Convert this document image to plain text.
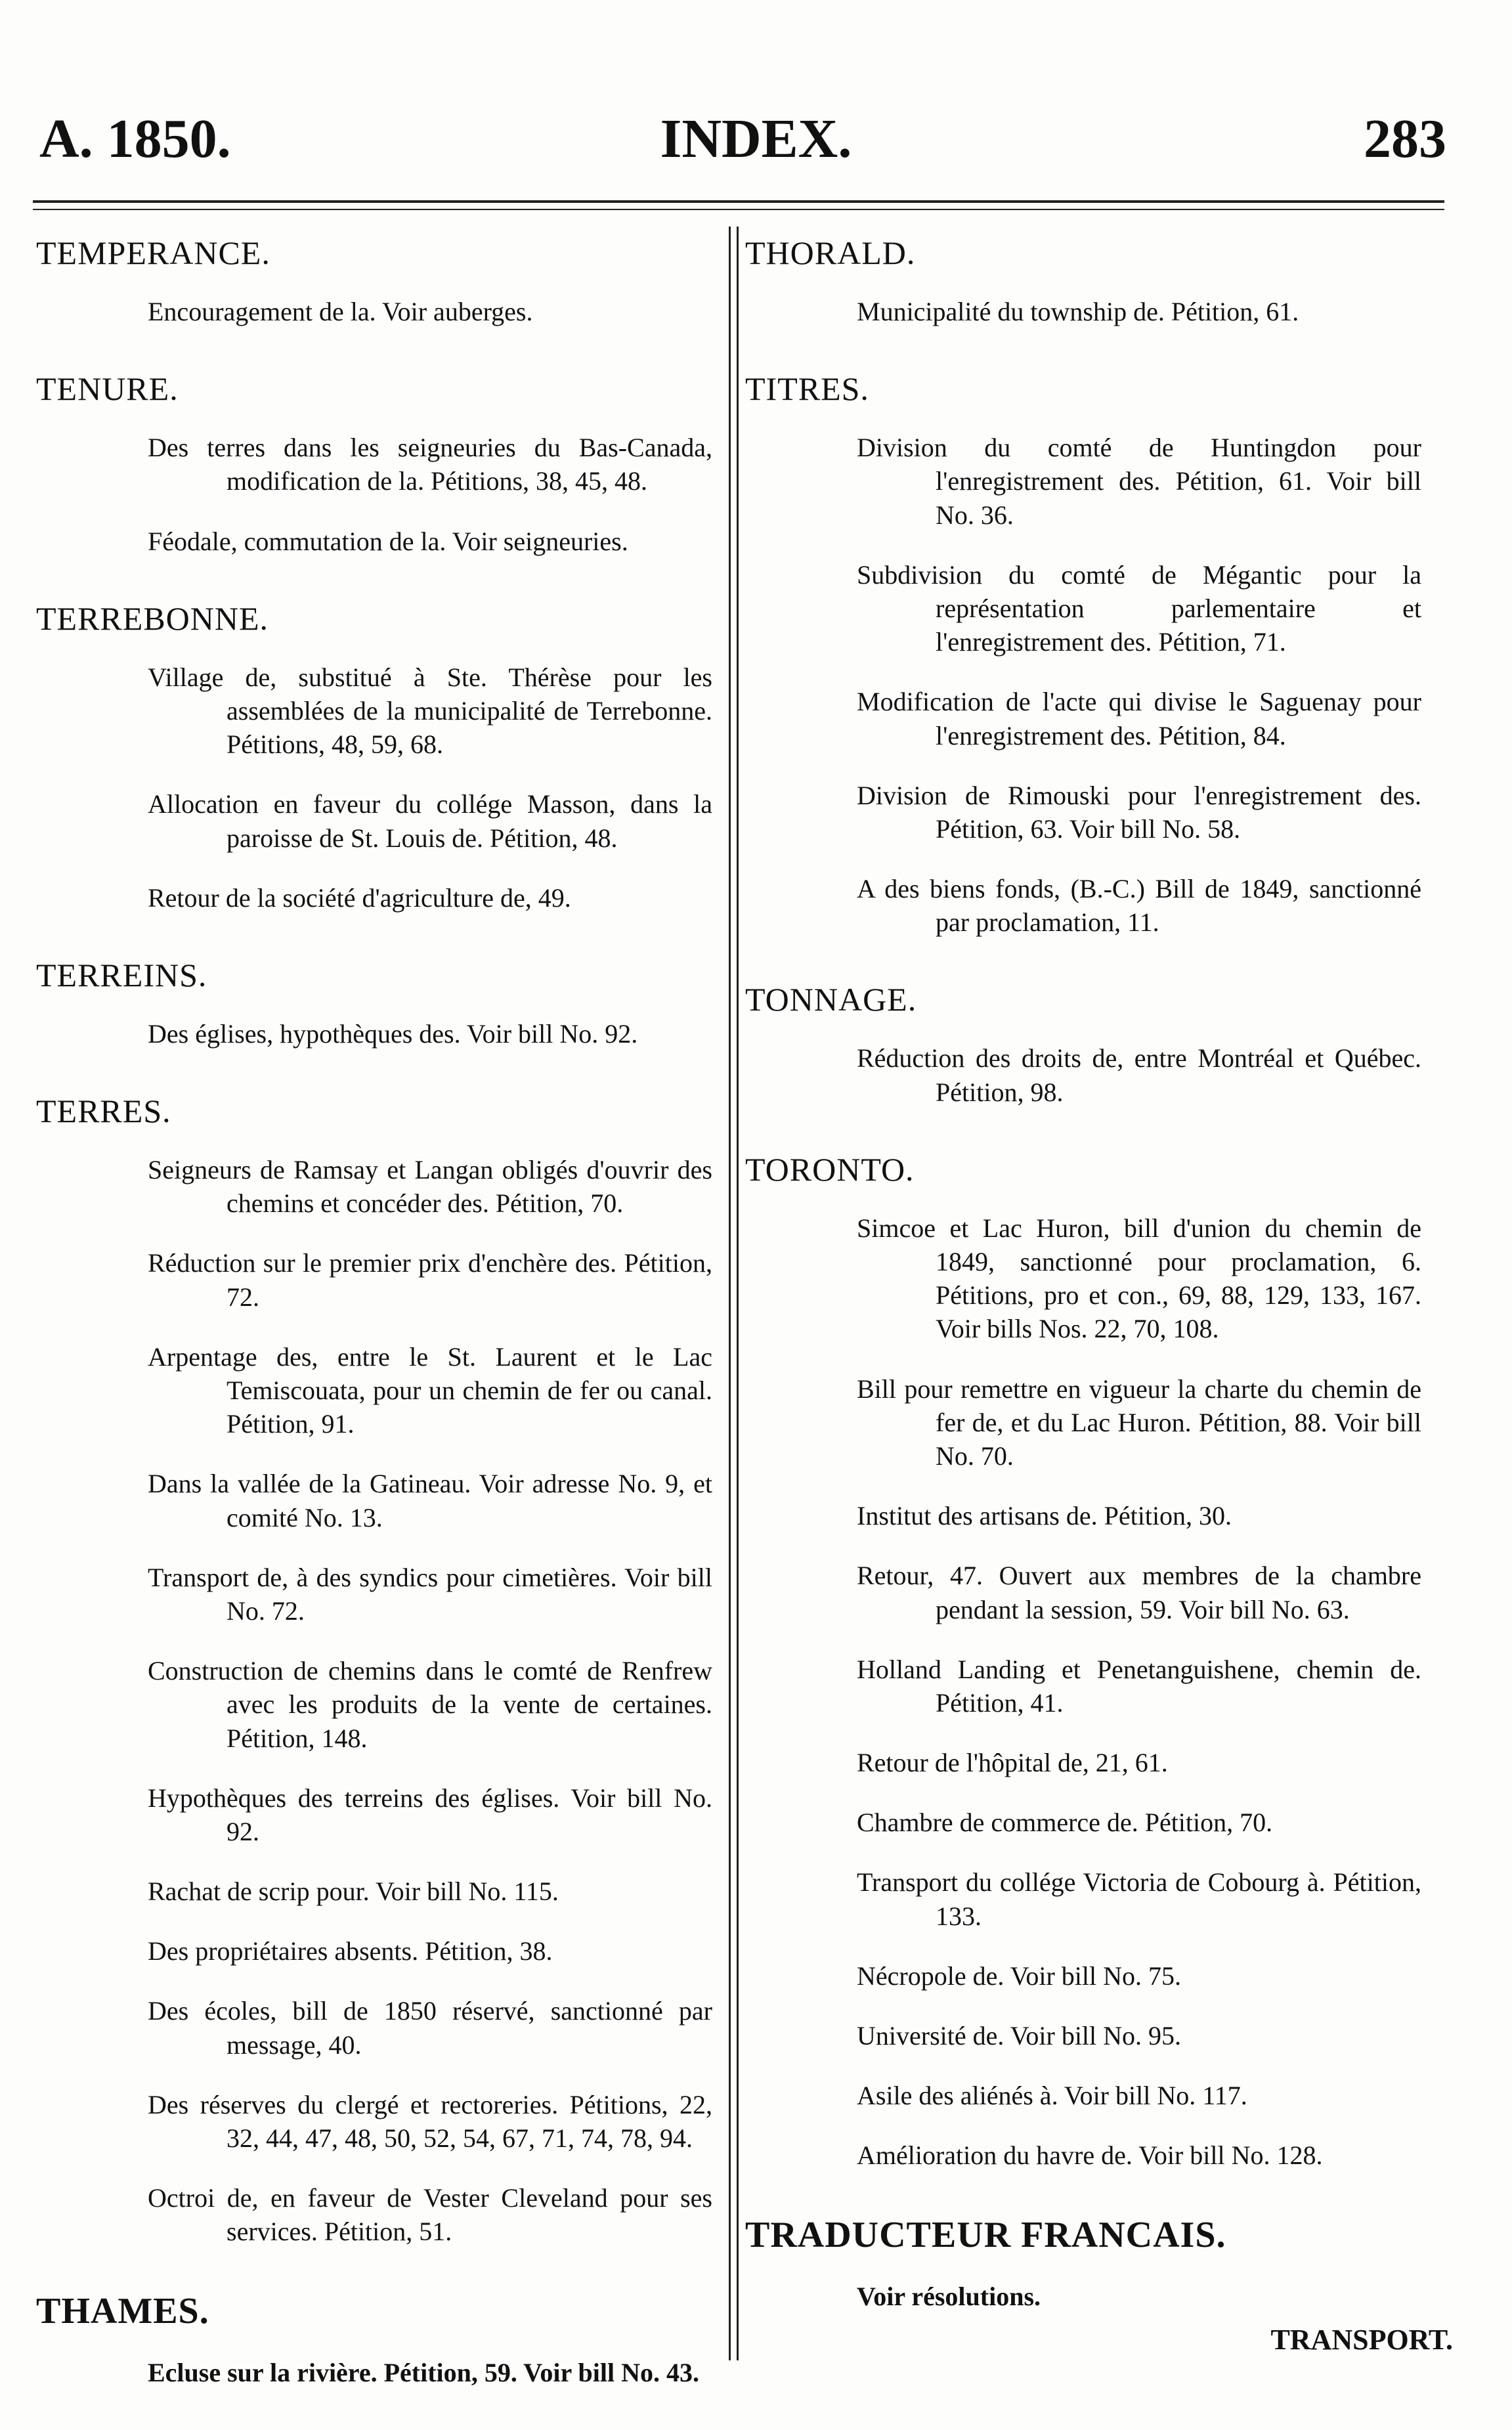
A. 1850.	INDEX.	283
TEMPERANCE.
Encouragement de la. Voir auberges.
TENURE.
Des terres dans les seigneuries du Bas-Canada, modification de la. Pétitions, 38, 45, 48.
Féodale, commutation de la. Voir seigneuries.
TERREBONNE.
Village de, substitué à Ste. Thérèse pour les assemblées de la municipalité de Terrebonne. Pétitions, 48, 59, 68.
Allocation en faveur du collége Masson, dans la paroisse de St. Louis de. Pétition, 48.
Retour de la société d'agriculture de, 49.
TERREINS.
Des églises, hypothèques des. Voir bill No. 92.
TERRES.
Seigneurs de Ramsay et Langan obligés d'ouvrir des chemins et concéder des. Pétition, 70.
Réduction sur le premier prix d'enchère des. Pétition, 72.
Arpentage des, entre le St. Laurent et le Lac Temiscouata, pour un chemin de fer ou canal. Pétition, 91.
Dans la vallée de la Gatineau. Voir adresse No. 9, et comité No. 13.
Transport de, à des syndics pour cimetières. Voir bill No. 72.
Construction de chemins dans le comté de Renfrew avec les produits de la vente de certaines. Pétition, 148.
Hypothèques des terreins des églises. Voir bill No. 92.
Rachat de scrip pour. Voir bill No. 115.
Des propriétaires absents. Pétition, 38.
Des écoles, bill de 1850 réservé, sanctionné par message, 40.
Des réserves du clergé et rectoreries. Pétitions, 22, 32, 44, 47, 48, 50, 52, 54, 67, 71, 74, 78, 94.
Octroi de, en faveur de Vester Cleveland pour ses services. Pétition, 51.
THAMES.
Ecluse sur la rivière. Pétition, 59. Voir bill No. 43.
THORALD.
Municipalité du township de. Pétition, 61.
TITRES.
Division du comté de Huntingdon pour l'enregistrement des. Pétition, 61. Voir bill No. 36.
Subdivision du comté de Mégantic pour la représentation parlementaire et l'enregistrement des. Pétition, 71.
Modification de l'acte qui divise le Saguenay pour l'enregistrement des. Pétition, 84.
Division de Rimouski pour l'enregistrement des. Pétition, 63. Voir bill No. 58.
A des biens fonds, (B.-C.) Bill de 1849, sanctionné par proclamation, 11.
TONNAGE.
Réduction des droits de, entre Montréal et Québec. Pétition, 98.
TORONTO.
Simcoe et Lac Huron, bill d'union du chemin de 1849, sanctionné pour proclamation, 6. Pétitions, pro et con., 69, 88, 129, 133, 167. Voir bills Nos. 22, 70, 108.
Bill pour remettre en vigueur la charte du chemin de fer de, et du Lac Huron. Pétition, 88. Voir bill No. 70.
Institut des artisans de. Pétition, 30.
Retour, 47. Ouvert aux membres de la chambre pendant la session, 59. Voir bill No. 63.
Holland Landing et Penetanguishene, chemin de. Pétition, 41.
Retour de l'hôpital de, 21, 61.
Chambre de commerce de. Pétition, 70.
Transport du collége Victoria de Cobourg à. Pétition, 133.
Nécropole de. Voir bill No. 75.
Université de. Voir bill No. 95.
Asile des aliénés à. Voir bill No. 117.
Amélioration du havre de. Voir bill No. 128.
TRADUCTEUR FRANCAIS.
Voir résolutions.
TRANSPORT.
